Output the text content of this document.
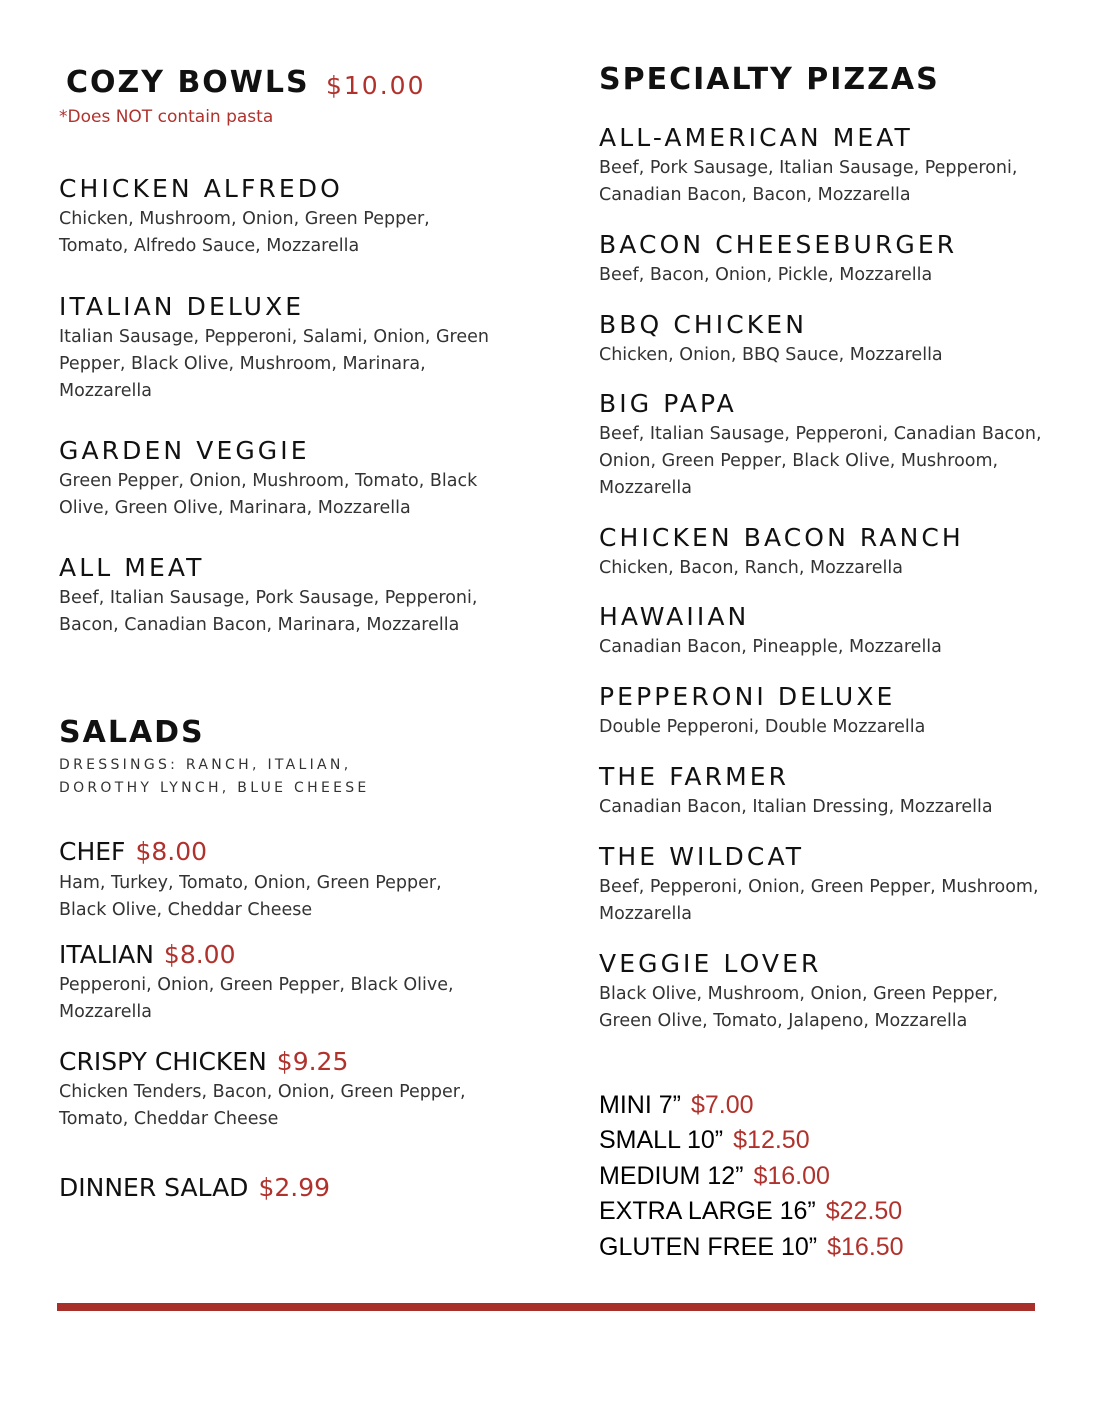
COZY BOWLS $10.00
*Does NOT contain pasta
CHICKEN ALFREDO
Chicken, Mushroom, Onion, Green Pepper, Tomato, Alfredo Sauce, Mozzarella
ITALIAN DELUXE
Italian Sausage, Pepperoni, Salami, Onion, Green Pepper, Black Olive, Mushroom, Marinara, Mozzarella
GARDEN VEGGIE
Green Pepper, Onion, Mushroom, Tomato, Black Olive, Green Olive, Marinara, Mozzarella
ALL MEAT
Beef, Italian Sausage, Pork Sausage, Pepperoni, Bacon, Canadian Bacon, Marinara, Mozzarella
SALADS
DRESSINGS: RANCH, ITALIAN, DOROTHY LYNCH, BLUE CHEESE
CHEF $8.00
Ham, Turkey, Tomato, Onion, Green Pepper, Black Olive, Cheddar Cheese
ITALIAN $8.00
Pepperoni, Onion, Green Pepper, Black Olive, Mozzarella
CRISPY CHICKEN $9.25
Chicken Tenders, Bacon, Onion, Green Pepper, Tomato, Cheddar Cheese
DINNER SALAD $2.99
SPECIALTY PIZZAS
ALL-AMERICAN MEAT
Beef, Pork Sausage, Italian Sausage, Pepperoni, Canadian Bacon, Bacon, Mozzarella
BACON CHEESEBURGER
Beef, Bacon, Onion, Pickle, Mozzarella
BBQ CHICKEN
Chicken, Onion, BBQ Sauce, Mozzarella
BIG PAPA
Beef, Italian Sausage, Pepperoni, Canadian Bacon, Onion, Green Pepper, Black Olive, Mushroom, Mozzarella
CHICKEN BACON RANCH
Chicken, Bacon, Ranch, Mozzarella
HAWAIIAN
Canadian Bacon, Pineapple, Mozzarella
PEPPERONI DELUXE
Double Pepperoni, Double Mozzarella
THE FARMER
Canadian Bacon, Italian Dressing, Mozzarella
THE WILDCAT
Beef, Pepperoni, Onion, Green Pepper, Mushroom, Mozzarella
VEGGIE LOVER
Black Olive, Mushroom, Onion, Green Pepper, Green Olive, Tomato, Jalapeno, Mozzarella
MINI 7” $7.00
SMALL 10” $12.50
MEDIUM 12” $16.00
EXTRA LARGE 16” $22.50
GLUTEN FREE 10” $16.50
